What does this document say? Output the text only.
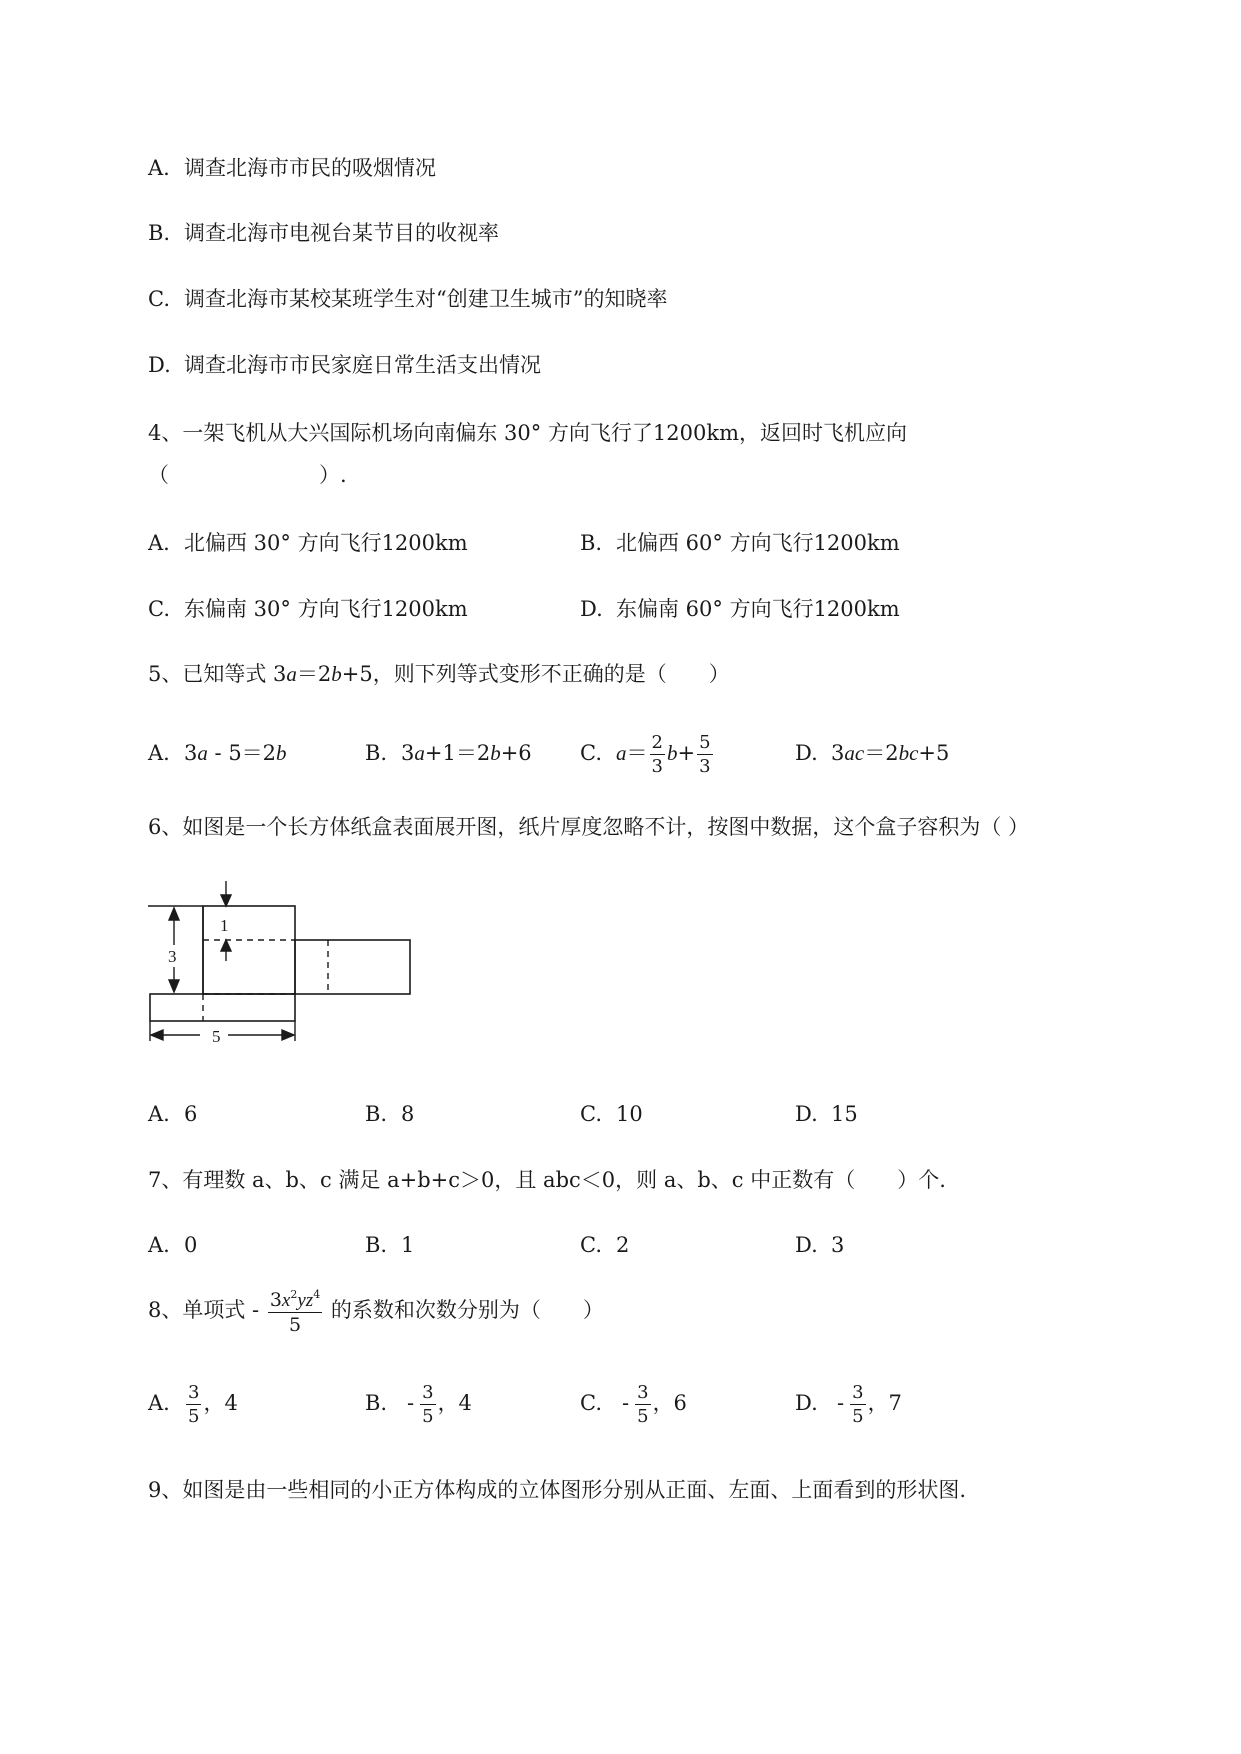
A. 调查北海市市民的吸烟情况
B. 调查北海市电视台某节目的收视率
C. 调查北海市某校某班学生对“创建卫生城市”的知晓率
D. 调查北海市市民家庭日常生活支出情况
4、一架飞机从大兴国际机场向南偏东 30° 方向飞行了1200km，返回时飞机应向
（	）.
A. 北偏西 30° 方向飞行1200km	B. 北偏西 60° 方向飞行1200km
C. 东偏南 30° 方向飞行1200km	D. 东偏南 60° 方向飞行1200km
5、已知等式 3a＝2b+5，则下列等式变形不正确的是（　　）
A. 3a - 5＝2b	B. 3a+1＝2b+6 C. $a= \frac{2}{3} b+ \frac{5}{3}$	D. 3ac＝2bc+5
6、如图是一个长方体纸盒表面展开图，纸片厚度忽略不计，按图中数据，这个盒子容积为（ ）
3
1
5
A. 6	B. 8	C. 10	D. 15
7、有理数 a、b、c 满足 a+b+c＞0，且 abc＜0，则 a、b、c 中正数有（　　）个.
A. 0	B. 1	C. 2	D. 3
8、单项式 - $\frac{3x^2yz^4}{5}$ 的系数和次数分别为（　　）
A. $\frac{3}{5}$ ，4	B. - $\frac{3}{5}$ ，4	C. - $\frac{3}{5}$ ，6	D. - $\frac{3}{5}$ ，7
9、如图是由一些相同的小正方体构成的立体图形分别从正面、左面、上面看到的形状图.
